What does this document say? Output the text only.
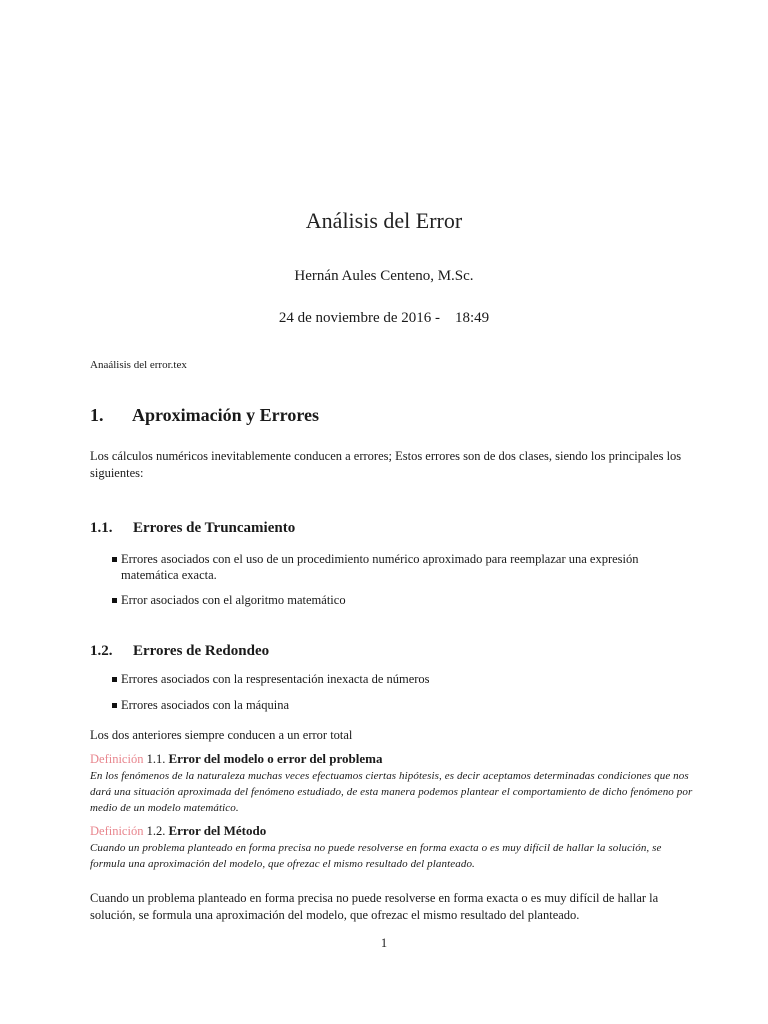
Análisis del Error
Hernán Aules Centeno, M.Sc.
24 de noviembre de 2016 -    18:49
Anaálisis del error.tex
1. Aproximación y Errores

Los cálculos numéricos inevitablemente conducen a errores; Estos errores son de dos clases, siendo los principales los siguientes:

1.1. Errores de Truncamiento
Errores asociados con el uso de un procedimiento numérico aproximado para reemplazar una expresión matemática exacta.
Error asociados con el algoritmo matemático
1.2. Errores de Redondeo
Errores asociados con la respresentación inexacta de números
Errores asociados con la máquina

Los dos anteriores siempre conducen a un error total

Definición 1.1. Error del modelo o error del problema

En los fenómenos de la naturaleza muchas veces efectuamos ciertas hipótesis, es decir aceptamos determinadas condiciones que nos dará una situación aproximada del fenómeno estudiado, de esta manera podemos plantear el comportamiento de dicho fenómeno por medio de un modelo matemático.

Definición 1.2. Error del Método

Cuando un problema planteado en forma precisa no puede resolverse en forma exacta o es muy difícil de hallar la solución, se formula una aproximación del modelo, que ofrezac el mismo resultado del planteado.

Cuando un problema planteado en forma precisa no puede resolverse en forma exacta o es muy difícil de hallar la solución, se formula una aproximación del modelo, que ofrezac el mismo resultado del planteado.

1
